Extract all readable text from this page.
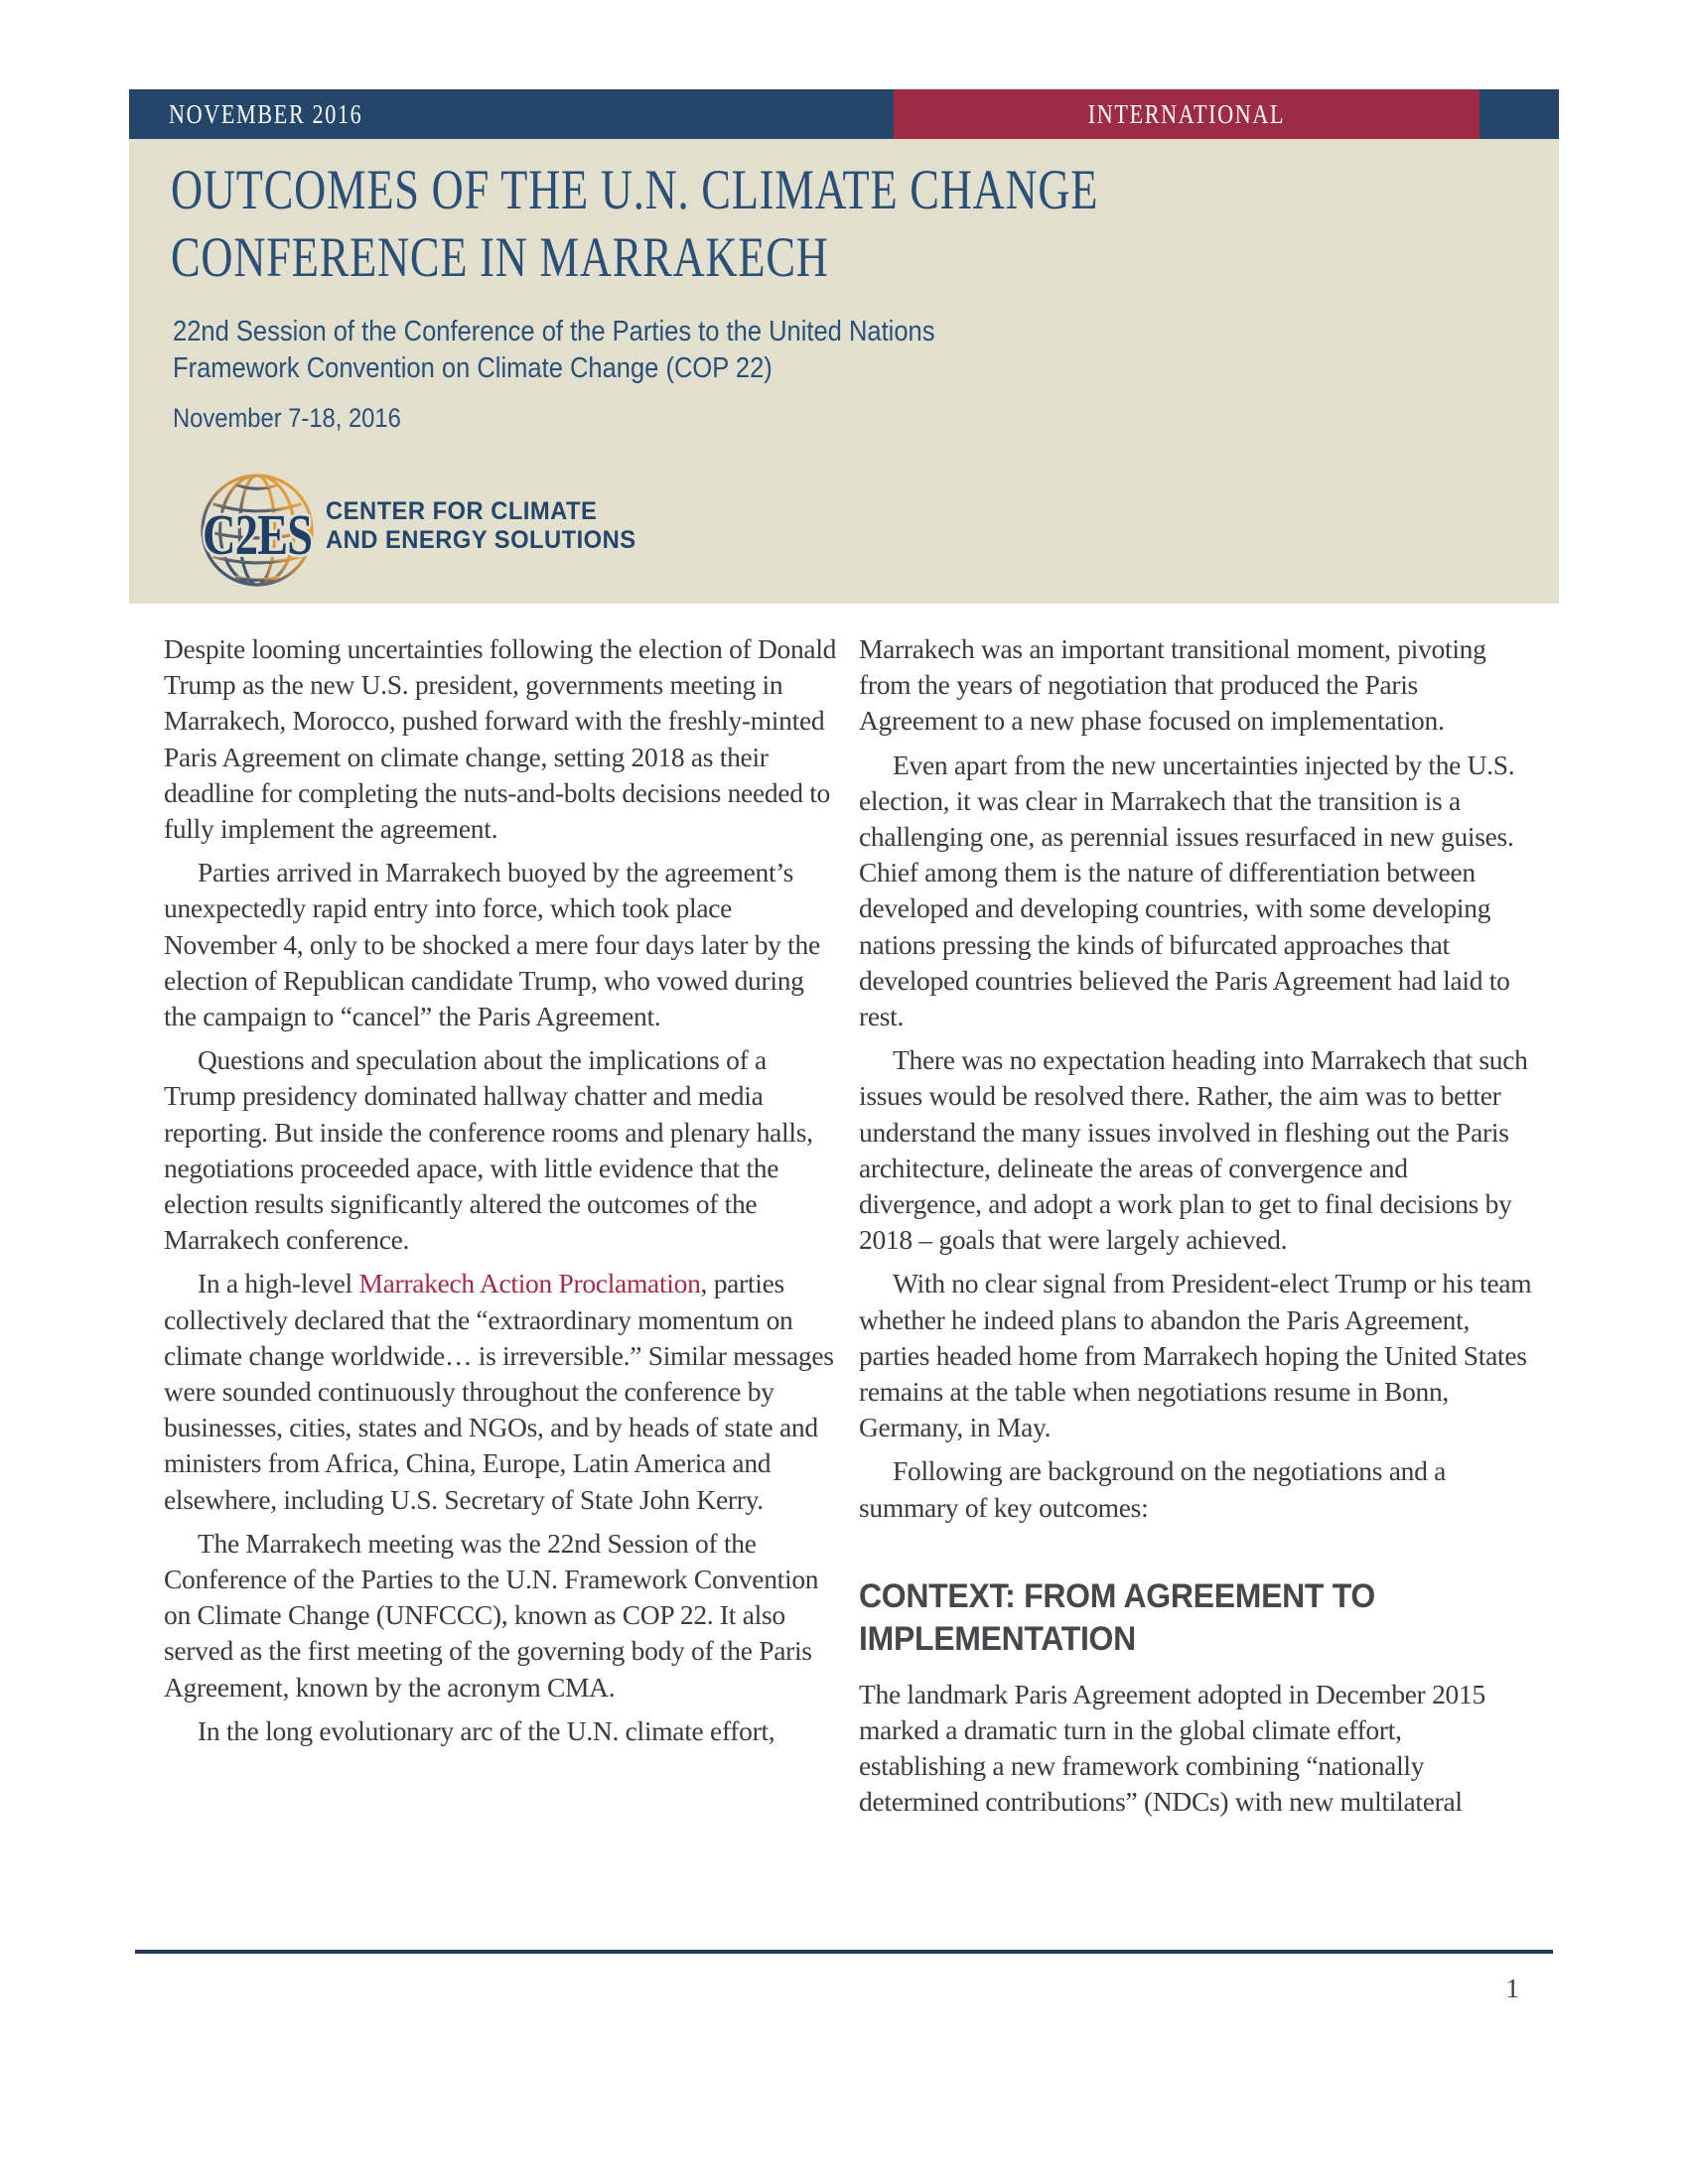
NOVEMBER 2016	INTERNATIONAL
OUTCOMES OF THE U.N. CLIMATE CHANGE
CONFERENCE IN MARRAKECH
22nd Session of the Conference of the Parties to the United Nations
Framework Convention on Climate Change (COP 22)
November 7-18, 2016
C2ES CENTER FOR CLIMATE
AND ENERGY SOLUTIONS

Despite looming uncertainties following the election of Donald Trump as the new U.S. president, governments meeting in Marrakech, Morocco, pushed forward with the freshly-minted Paris Agreement on climate change, setting 2018 as their deadline for completing the nuts-and-bolts decisions needed to fully implement the agreement.

Parties arrived in Marrakech buoyed by the agreement’s unexpectedly rapid entry into force, which took place November 4, only to be shocked a mere four days later by the election of Republican candidate Trump, who vowed during the campaign to “cancel” the Paris Agreement.

Questions and speculation about the implications of a Trump presidency dominated hallway chatter and media reporting. But inside the conference rooms and plenary halls, negotiations proceeded apace, with little evidence that the election results significantly altered the outcomes of the Marrakech conference.

In a high-level Marrakech Action Proclamation, parties collectively declared that the “extraordinary momentum on climate change worldwide… is irreversible.” Similar messages were sounded continuously throughout the conference by businesses, cities, states and NGOs, and by heads of state and ministers from Africa, China, Europe, Latin America and elsewhere, including U.S. Secretary of State John Kerry.

The Marrakech meeting was the 22nd Session of the Conference of the Parties to the U.N. Framework Convention on Climate Change (UNFCCC), known as COP 22. It also served as the first meeting of the governing body of the Paris Agreement, known by the acronym CMA.

In the long evolutionary arc of the U.N. climate effort,

Marrakech was an important transitional moment, pivoting from the years of negotiation that produced the Paris Agreement to a new phase focused on implementation.

Even apart from the new uncertainties injected by the U.S. election, it was clear in Marrakech that the transition is a challenging one, as perennial issues resurfaced in new guises. Chief among them is the nature of differentiation between developed and developing countries, with some developing nations pressing the kinds of bifurcated approaches that developed countries believed the Paris Agreement had laid to rest.

There was no expectation heading into Marrakech that such issues would be resolved there. Rather, the aim was to better understand the many issues involved in fleshing out the Paris architecture, delineate the areas of convergence and divergence, and adopt a work plan to get to final decisions by 2018 – goals that were largely achieved.

With no clear signal from President-elect Trump or his team whether he indeed plans to abandon the Paris Agreement, parties headed home from Marrakech hoping the United States remains at the table when negotiations resume in Bonn, Germany, in May.

Following are background on the negotiations and a summary of key outcomes:

CONTEXT: FROM AGREEMENT TO IMPLEMENTATION

The landmark Paris Agreement adopted in December 2015 marked a dramatic turn in the global climate effort, establishing a new framework combining “nationally determined contributions” (NDCs) with new multilateral

1
